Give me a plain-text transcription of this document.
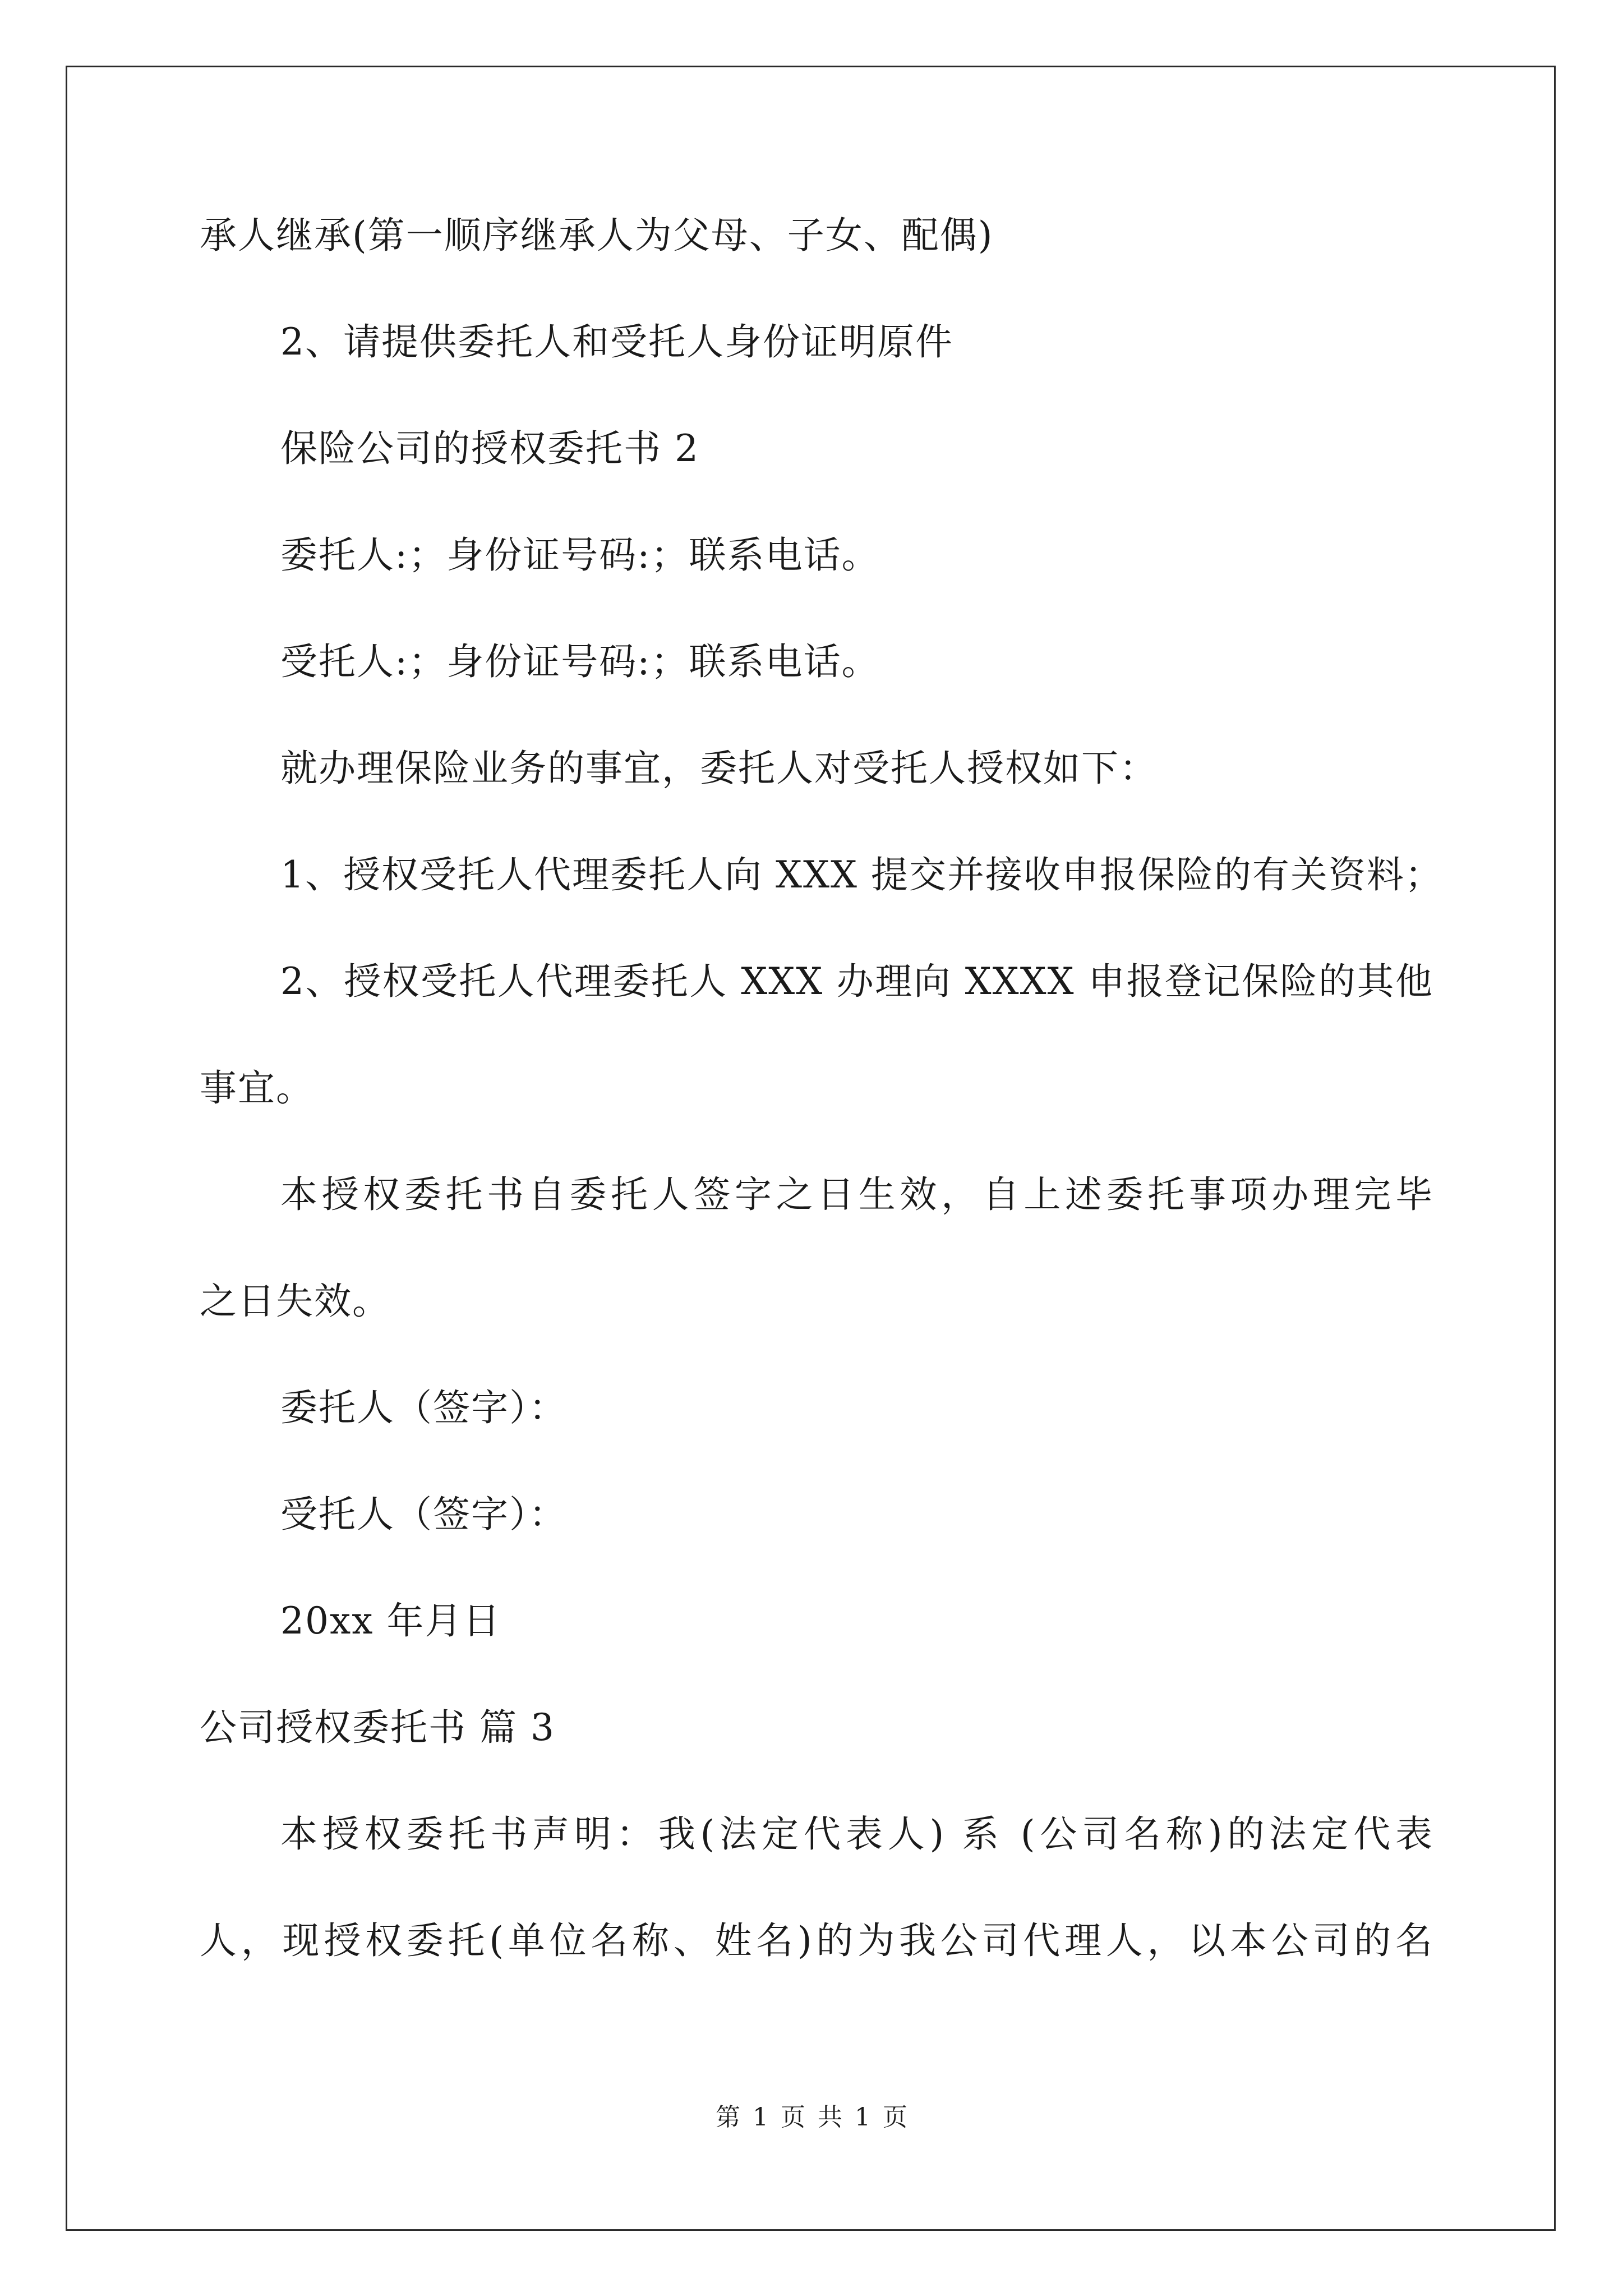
承人继承(第一顺序继承人为父母、子女、配偶)
2、请提供委托人和受托人身份证明原件
保险公司的授权委托书 2
委托人:；身份证号码:；联系电话。
受托人:；身份证号码:；联系电话。
就办理保险业务的事宜，委托人对受托人授权如下：
1、授权受托人代理委托人向 XXX 提交并接收申报保险的有关资料；
2、授权受托人代理委托人 XXX 办理向 XXXX 申报登记保险的其他
事宜。
本授权委托书自委托人签字之日生效，自上述委托事项办理完毕
之日失效。
委托人（签字）：
受托人（签字）：
20xx 年月日
公司授权委托书 篇 3
本授权委托书声明：我(法定代表人) 系 (公司名称)的法定代表
人，现授权委托(单位名称、姓名)的为我公司代理人，以本公司的名
第 1 页 共 1 页
